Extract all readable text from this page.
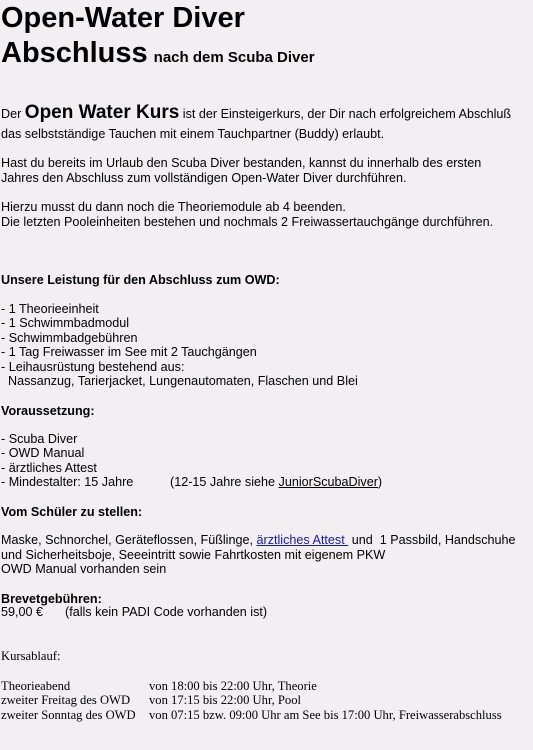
Open-Water Diver
Abschluss nach dem Scuba Diver

Der Open Water Kurs ist der Einsteigerkurs, der Dir nach erfolgreichem Abschluß

das selbstständige Tauchen mit einem Tauchpartner (Buddy) erlaubt.

Hast du bereits im Urlaub den Scuba Diver bestanden, kannst du innerhalb des ersten

Jahres den Abschluss zum vollständigen Open-Water Diver durchführen.

Hierzu musst du dann noch die Theoriemodule ab 4 beenden.

Die letzten Pooleinheiten bestehen und nochmals 2 Freiwassertauchgänge durchführen.

Unsere Leistung für den Abschluss zum OWD:

- 1 Theorieeinheit

- 1 Schwimmbadmodul

- Schwimmbadgebühren

- 1 Tag Freiwasser im See mit 2 Tauchgängen

- Leihausrüstung bestehend aus:

Nassanzug, Tarierjacket, Lungenautomaten, Flaschen und Blei

Voraussetzung:

- Scuba Diver

- OWD Manual

- ärztliches Attest

- Mindestalter: 15 Jahre	(12-15 Jahre siehe JuniorScubaDiver)

Vom Schüler zu stellen:

Maske, Schnorchel, Geräteflossen, Füßlinge, ärztliches Attest  und  1 Passbild, Handschuhe

und Sicherheitsboje, Seeeintritt sowie Fahrtkosten mit eigenem PKW

OWD Manual vorhanden sein

Brevetgebühren:

59,00 € (falls kein PADI Code vorhanden ist)

Kursablauf:

Theorieabend	von 18:00 bis 22:00 Uhr, Theorie
zweiter Freitag des OWD von 17:15 bis 22:00 Uhr, Pool
zweiter Sonntag des OWD von 07:15 bzw. 09:00 Uhr am See bis 17:00 Uhr, Freiwasserabschluss
